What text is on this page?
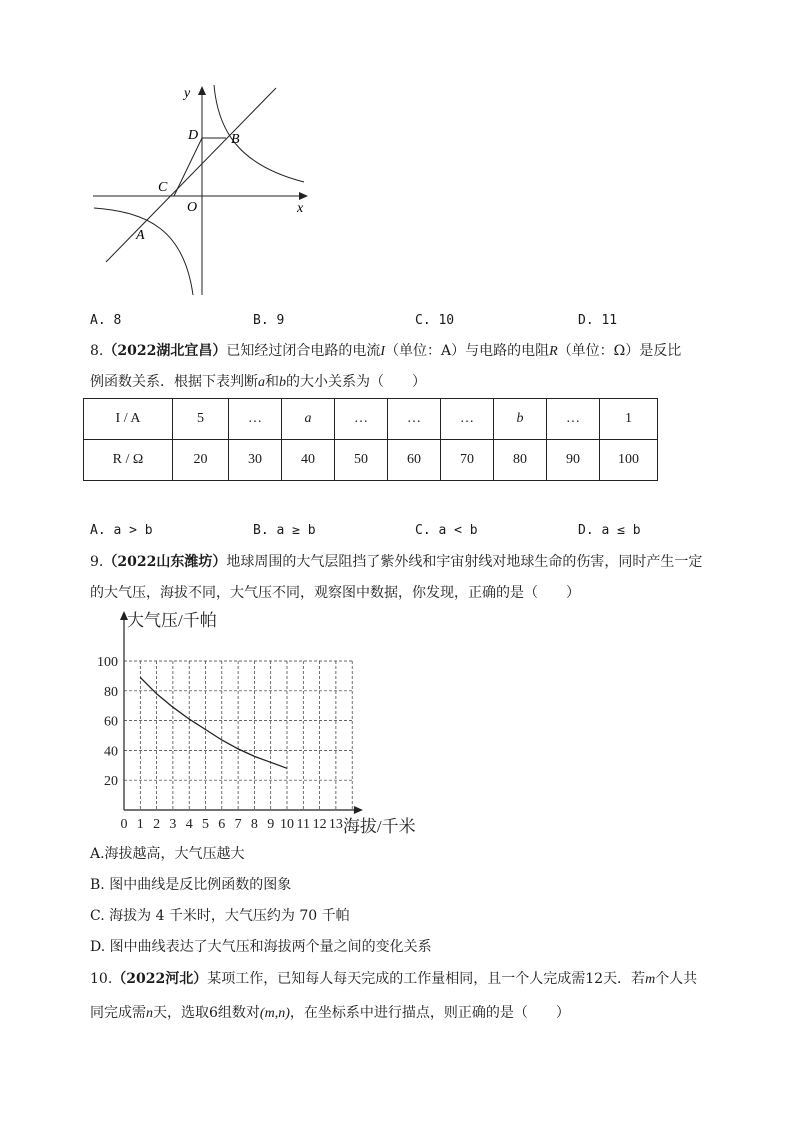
y
x
O
D B
C
A
A. 8	B. 9	C. 10	D. 11
8.（2022湖北宜昌）已知经过闭合电路的电流I（单位：A）与电路的电阻R（单位：Ω）是反比
例函数关系．根据下表判断a和b的大小关系为（　　）
I / A	5	…	a	…	…	…	b	…	1
R / Ω	20	30	40	50	60	70	80	90	100
A. a > b	B. a ≥ b	C. a < b	D. a ≤ b
9.（2022山东潍坊）地球周围的大气层阻挡了紫外线和宇宙射线对地球生命的伤害，同时产生一定
的大气压，海拔不同，大气压不同，观察图中数据，你发现，正确的是（　　）
0 1 2 3 4 5 6 7 8 9 10 11 12 13
20
40
60
80
100
大气压/千帕
海拔/千米
A.海拔越高，大气压越大
B. 图中曲线是反比例函数的图象
C. 海拔为 4 千米时，大气压约为 70 千帕
D. 图中曲线表达了大气压和海拔两个量之间的变化关系
10.（2022河北）某项工作，已知每人每天完成的工作量相同，且一个人完成需12天．若m个人共
同完成需n天，选取6组数对(m,n)，在坐标系中进行描点，则正确的是（　　）
